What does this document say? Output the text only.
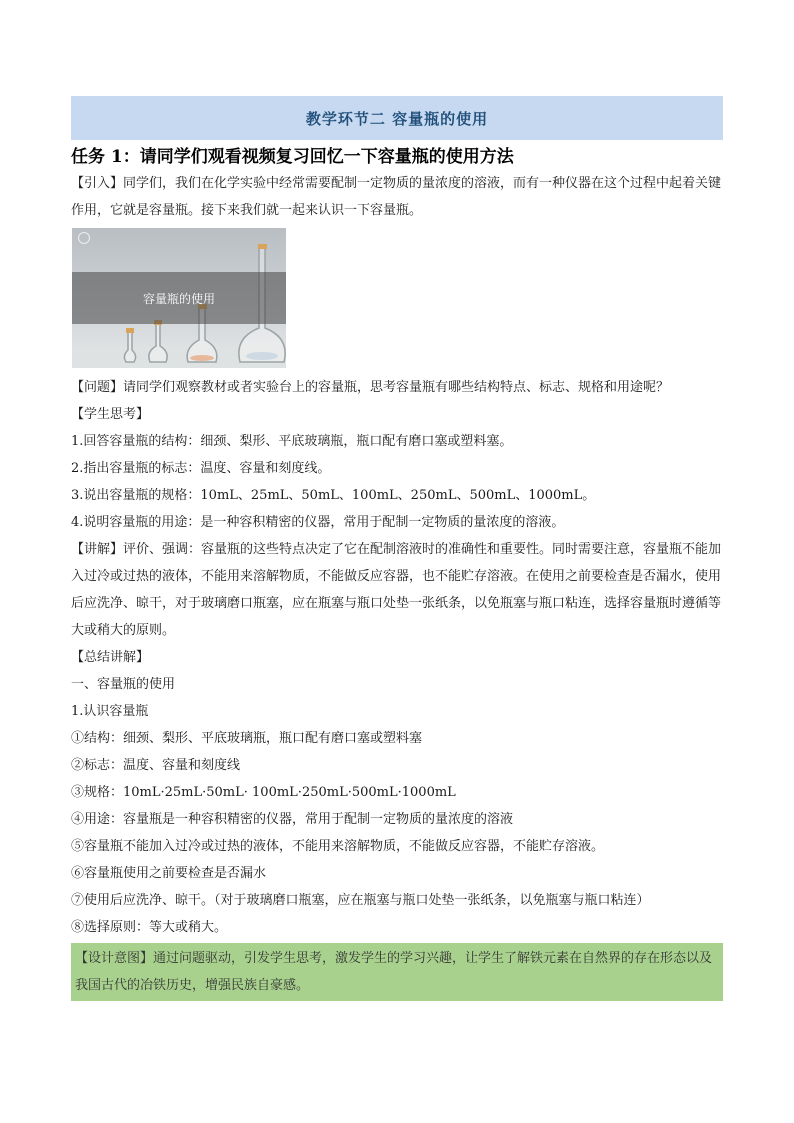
教学环节二 容量瓶的使用
任务 1：请同学们观看视频复习回忆一下容量瓶的使用方法

【引入】同学们，我们在化学实验中经常需要配制一定物质的量浓度的溶液，而有一种仪器在这个过程中起着关键作用，它就是容量瓶。接下来我们就一起来认识一下容量瓶。

容量瓶的使用

【问题】请同学们观察教材或者实验台上的容量瓶，思考容量瓶有哪些结构特点、标志、规格和用途呢？

【学生思考】

1.回答容量瓶的结构：细颈、梨形、平底玻璃瓶，瓶口配有磨口塞或塑料塞。

2.指出容量瓶的标志：温度、容量和刻度线。

3.说出容量瓶的规格：10mL、25mL、50mL、100mL、250mL、500mL、1000mL。

4.说明容量瓶的用途：是一种容积精密的仪器，常用于配制一定物质的量浓度的溶液。

【讲解】评价、强调：容量瓶的这些特点决定了它在配制溶液时的准确性和重要性。同时需要注意，容量瓶不能加入过冷或过热的液体，不能用来溶解物质，不能做反应容器，也不能贮存溶液。在使用之前要检查是否漏水，使用后应洗净、晾干，对于玻璃磨口瓶塞，应在瓶塞与瓶口处垫一张纸条，以免瓶塞与瓶口粘连，选择容量瓶时遵循等大或稍大的原则。

【总结讲解】

一、容量瓶的使用

1.认识容量瓶

①结构：细颈、梨形、平底玻璃瓶，瓶口配有磨口塞或塑料塞

②标志：温度、容量和刻度线

③规格：10mL·25mL·50mL· 100mL·250mL·500mL·1000mL

④用途：容量瓶是一种容积精密的仪器，常用于配制一定物质的量浓度的溶液

⑤容量瓶不能加入过冷或过热的液体，不能用来溶解物质，不能做反应容器，不能贮存溶液。

⑥容量瓶使用之前要检查是否漏水

⑦使用后应洗净、晾干。（对于玻璃磨口瓶塞，应在瓶塞与瓶口处垫一张纸条，以免瓶塞与瓶口粘连）

⑧选择原则：等大或稍大。

【设计意图】通过问题驱动，引发学生思考，激发学生的学习兴趣，让学生了解铁元素在自然界的存在形态以及我国古代的冶铁历史，增强民族自豪感。
